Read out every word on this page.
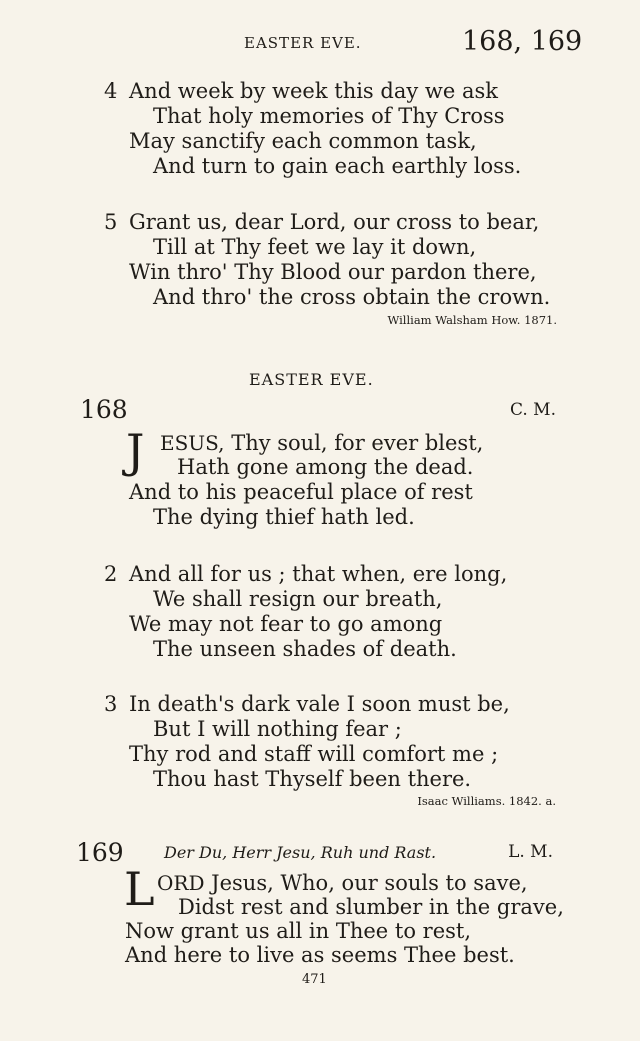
EASTER EVE.	168, 169
4 And week by week this day we ask
That holy memories of Thy Cross
May sanctify each common task,
And turn to gain each earthly loss.
5 Grant us, dear Lord, our cross to bear,
Till at Thy feet we lay it down,
Win thro' Thy Blood our pardon there,
And thro' the cross obtain the crown.
William Walsham How. 1871.
EASTER EVE.
168	C. M.
J ESUS, Thy soul, for ever blest,
Hath gone among the dead.
And to his peaceful place of rest
The dying thief hath led.
2 And all for us ; that when, ere long,
We shall resign our breath,
We may not fear to go among
The unseen shades of death.
3 In death's dark vale I soon must be,
But I will nothing fear ;
Thy rod and staff will comfort me ;
Thou hast Thyself been there.
Isaac Williams. 1842. a.
169	Der Du, Herr Jesu, Ruh und Rast.	L. M.
L ORD Jesus, Who, our souls to save,
Didst rest and slumber in the grave,
Now grant us all in Thee to rest,
And here to live as seems Thee best.
471
